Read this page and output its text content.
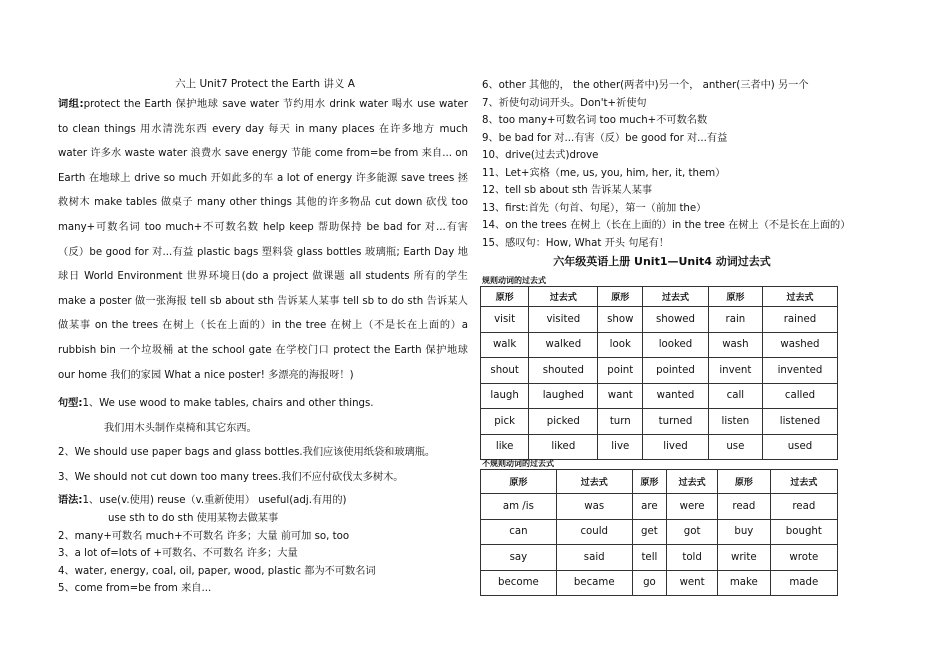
六上 Unit7 Protect the Earth 讲义 A
词组:protect the Earth 保护地球 save water 节约用水 drink water 喝水 use water to clean things 用水清洗东西 every day 每天 in many places 在许多地方 much water 许多水 waste water 浪费水 save energy 节能 come from=be from 来自... on Earth 在地球上 drive so much 开如此多的车 a lot of energy 许多能源 save trees 拯救树木 make tables 做桌子 many other things 其他的许多物品 cut down 砍伐 too many+可数名词 too much+不可数名数 help keep 帮助保持 be bad for 对...有害（反）be good for 对...有益 plastic bags 塑料袋 glass bottles 玻璃瓶; Earth Day 地球日 World Environment 世界环境日(do a project 做课题 all students 所有的学生 make a poster 做一张海报 tell sb about sth 告诉某人某事 tell sb to do sth 告诉某人做某事 on the trees 在树上（长在上面的）in the tree 在树上（不是长在上面的）a rubbish bin 一个垃圾桶 at the school gate 在学校门口 protect the Earth 保护地球 our home 我们的家园 What a nice poster! 多漂亮的海报呀！)
句型:1、We use wood to make tables, chairs and other things.
我们用木头制作桌椅和其它东西。
2、We should use paper bags and glass bottles.我们应该使用纸袋和玻璃瓶。
3、We should not cut down too many trees.我们不应付砍伐太多树木。
语法:1、use(v.使用) reuse（v.重新使用） useful(adj.有用的)
use sth to do sth 使用某物去做某事
2、many+可数名 much+不可数名 许多；大量 前可加 so, too
3、a lot of=lots of +可数名、不可数名 许多；大量
4、water, energy, coal, oil, paper, wood, plastic 都为不可数名词
5、come from=be from 来自...
6、other 其他的， the other(两者中)另一个， anther(三者中) 另一个
7、祈使句动词开头。Don't+祈使句
8、too many+可数名词 too much+不可数名数
9、be bad for 对...有害（反）be good for 对...有益
10、drive(过去式)drove
11、Let+宾格（me, us, you, him, her, it, them）
12、tell sb about sth 告诉某人某事
13、first:首先（句首、句尾），第一（前加 the）
14、on the trees 在树上（长在上面的）in the tree 在树上（不是长在上面的）
15、感叹句：How, What 开头 句尾有！
六年级英语上册 Unit1—Unit4 动词过去式
规则动词的过去式
原形	过去式	原形	过去式	原形	过去式
visit	visited	show	showed	rain	rained
walk	walked	look	looked	wash	washed
shout	shouted	point	pointed	invent	invented
laugh	laughed	want	wanted	call	called
pick	picked	turn	turned	listen	listened
like	liked	live	lived	use	used
不规则动词的过去式
原形	过去式	原形	过去式	原形	过去式
am /is	was	are	were	read	read
can	could	get	got	buy	bought
say	said	tell	told	write	wrote
become	became	go	went	make	made
